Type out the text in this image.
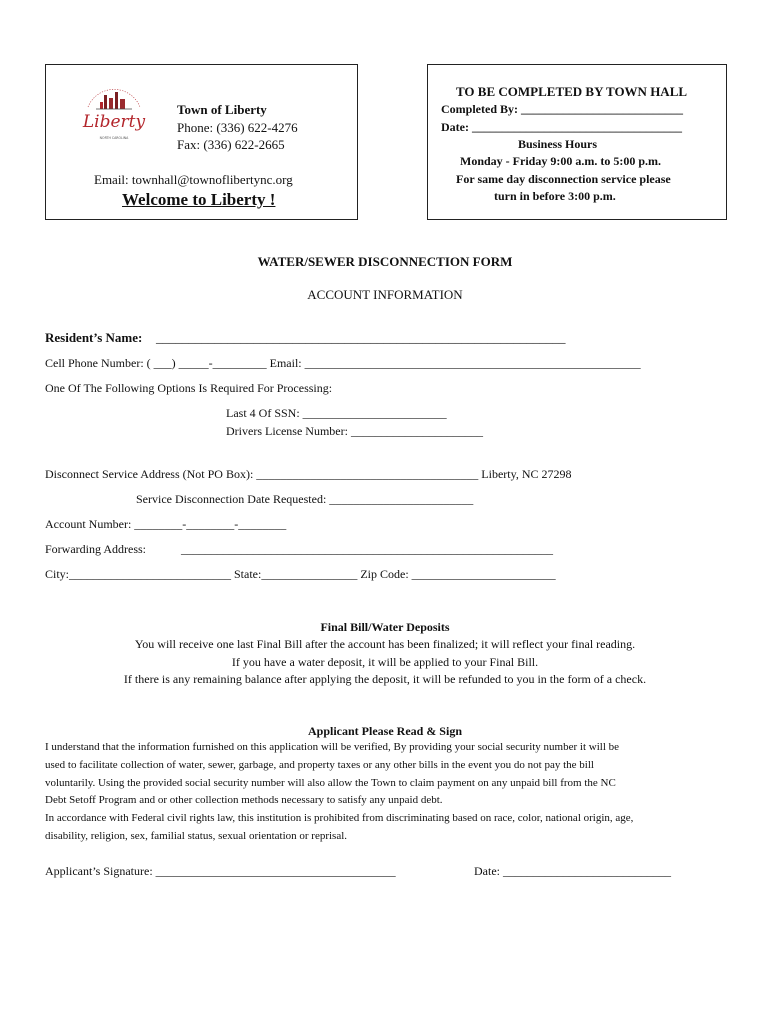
Liberty
NORTH CAROLINA
Town of Liberty
Phone: (336) 622-4276
Fax: (336) 622-2665
Email: townhall@townoflibertync.org
Welcome to Liberty !
TO BE COMPLETED BY TOWN HALL
Completed By: ___________________________
Date: ___________________________________
Business Hours
Monday - Friday 9:00 a.m. to 5:00 p.m.
For same day disconnection service please
turn in before 3:00 p.m.
WATER/SEWER DISCONNECTION FORM
ACCOUNT INFORMATION
Resident’s Name: _______________________________________________________________
Cell Phone Number: ( ___) _____-_________ Email: ________________________________________________________
One Of The Following Options Is Required For Processing:
Last 4 Of SSN: ________________________
Drivers License Number: ______________________
Disconnect Service Address (Not PO Box): _____________________________________ Liberty, NC 27298
Service Disconnection Date Requested: ________________________
Account Number: ________-________-________
Forwarding Address:	______________________________________________________________
City:___________________________ State:________________ Zip Code: ________________________
Final Bill/Water Deposits
You will receive one last Final Bill after the account has been finalized; it will reflect your final reading.
If you have a water deposit, it will be applied to your Final Bill.
If there is any remaining balance after applying the deposit, it will be refunded to you in the form of a check.
Applicant Please Read & Sign
I understand that the information furnished on this application will be verified, By providing your social security number it will be
used to facilitate collection of water, sewer, garbage, and property taxes or any other bills in the event you do not pay the bill
voluntarily. Using the provided social security number will also allow the Town to claim payment on any unpaid bill from the NC
Debt Setoff Program and or other collection methods necessary to satisfy any unpaid debt.
In accordance with Federal civil rights law, this institution is prohibited from discriminating based on race, color, national origin, age,
disability, religion, sex, familial status, sexual orientation or reprisal.
Applicant’s Signature: ________________________________________	Date: ____________________________
